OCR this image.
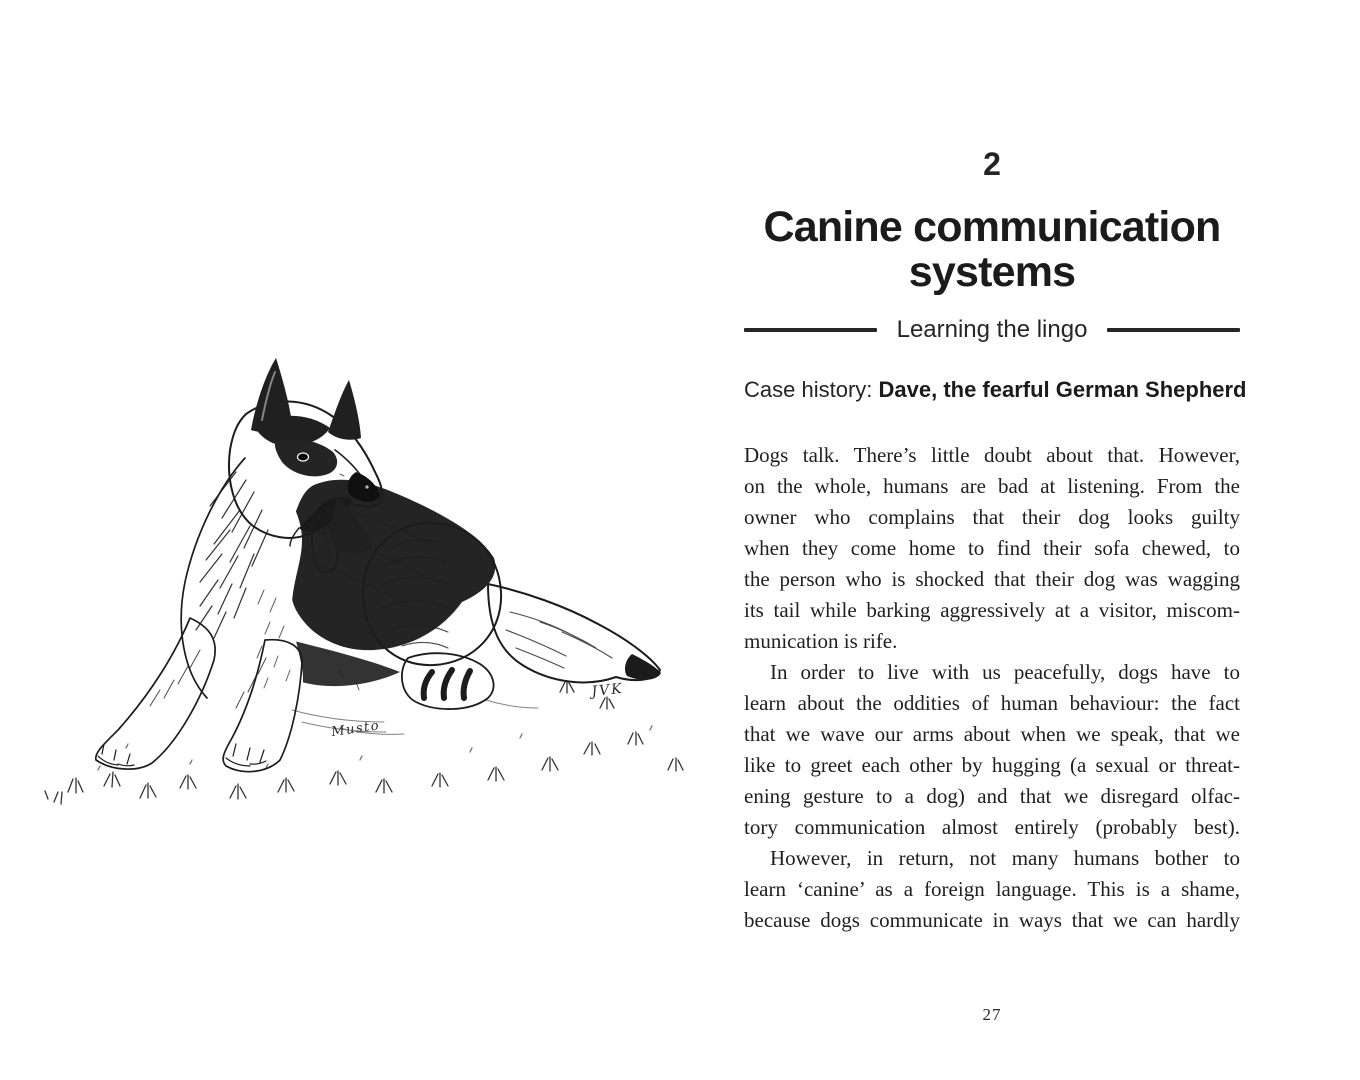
Musto
JVK
2
Canine communication
systems
Learning the lingo
Case history: Dave, the fearful German Shepherd
Dogs talk. There’s little doubt about that. However,
on the whole, humans are bad at listening. From the
owner who complains that their dog looks guilty
when they come home to find their sofa chewed, to
the person who is shocked that their dog was wagging
its tail while barking aggressively at a visitor, miscom-
munication is rife.
In order to live with us peacefully, dogs have to
learn about the oddities of human behaviour: the fact
that we wave our arms about when we speak, that we
like to greet each other by hugging (a sexual or threat-
ening gesture to a dog) and that we disregard olfac-
tory communication almost entirely (probably best).
However, in return, not many humans bother to
learn ‘canine’ as a foreign language. This is a shame,
because dogs communicate in ways that we can hardly
27
